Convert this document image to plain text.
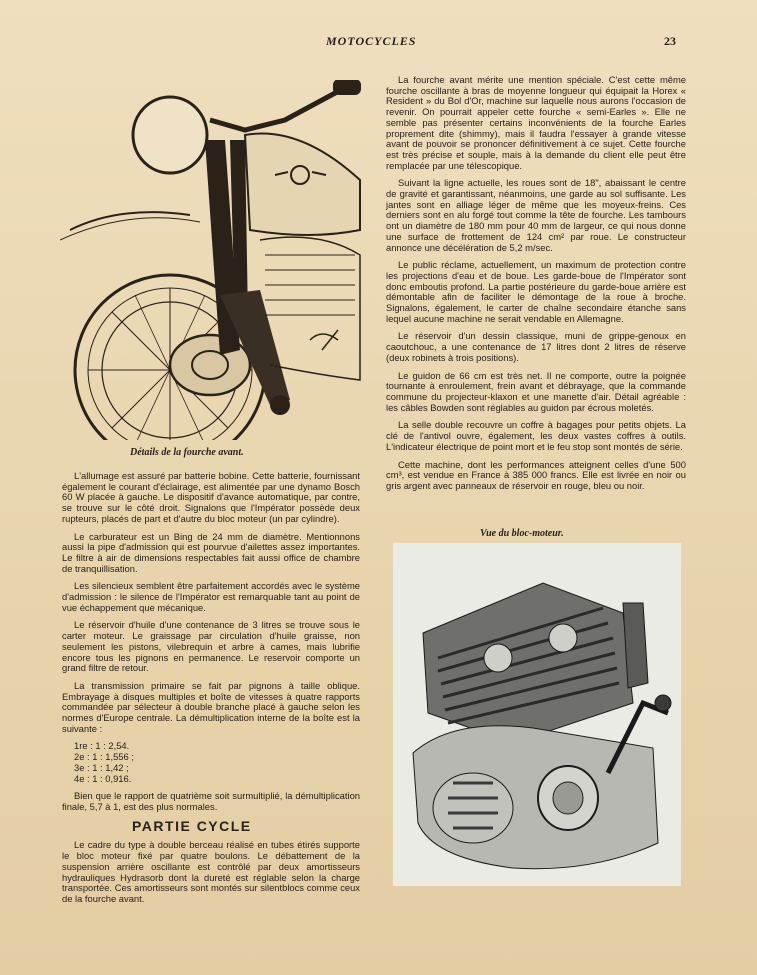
MOTOCYCLES	23
Détails de la fourche avant.

L'allumage est assuré par batterie bobine. Cette batterie, fournissant également le courant d'éclairage, est alimentée par une dynamo Bosch 60 W placée à gauche. Le dispositif d'avance automatique, par contre, se trouve sur le côté droit. Signalons que l'Impérator possède deux rupteurs, placés de part et d'autre du bloc moteur (un par cylindre).

Le carburateur est un Bing de 24 mm de diamètre. Mentionnons aussi la pipe d'admission qui est pourvue d'ailettes assez importantes. Le filtre à air de dimensions respectables fait aussi office de chambre de tranquillisation.

Les silencieux semblent être parfaitement accordés avec le système d'admission : le silence de l'Impérator est remarquable tant au point de vue échappement que mécanique.

Le réservoir d'huile d'une contenance de 3 litres se trouve sous le carter moteur. Le graissage par circulation d'huile graisse, non seulement les pistons, vilebrequin et arbre à cames, mais lubrifie encore tous les pignons en permanence. Le reservoir comporte un grand filtre de retour.

La transmission primaire se fait par pignons à taille oblique. Embrayage à disques multiples et boîte de vitesses à quatre rapports commandée par sélecteur à double branche placé à gauche selon les normes d'Europe centrale. La démultiplication interne de la boîte est la suivante :

1re : 1 : 2,54.
2e : 1 : 1,556 ;
3e : 1 : 1,42 ;
4e : 1 : 0,916.

Bien que le rapport de quatrième soit surmultiplié, la démultiplication finale, 5,7 à 1, est des plus normales.

PARTIE CYCLE

Le cadre du type à double berceau réalisé en tubes étirés supporte le bloc moteur fixé par quatre boulons. Le débattement de la suspension arrière oscillante est contrôlé par deux amortisseurs hydrauliques Hydrasorb dont la dureté est réglable selon la charge transportée. Ces amortisseurs sont montés sur silentblocs comme ceux de la fourche avant.

La fourche avant mérite une mention spéciale. C'est cette même fourche oscillante à bras de moyenne longueur qui équipait la Horex « Resident » du Bol d'Or, machine sur laquelle nous aurons l'occasion de revenir. On pourrait appeler cette fourche « semi-Earles ». Elle ne semble pas présenter certains inconvénients de la fourche Earles proprement dite (shimmy), mais il faudra l'essayer à grande vitesse avant de pouvoir se prononcer définitivement à ce sujet. Cette fourche est très précise et souple, mais à la demande du client elle peut être remplacée par une télescopique.

Suivant la ligne actuelle, les roues sont de 18", abaissant le centre de gravité et garantissant, néanmoins, une garde au sol suffisante. Les jantes sont en alliage léger de même que les moyeux-freins. Ces derniers sont en alu forgé tout comme la tête de fourche. Les tambours ont un diamètre de 180 mm pour 40 mm de largeur, ce qui nous donne une surface de frottement de 124 cm² par roue. Le constructeur annonce une décélération de 5,2 m/sec.

Le public réclame, actuellement, un maximum de protection contre les projections d'eau et de boue. Les garde-boue de l'Impérator sont donc emboutis profond. La partie postérieure du garde-boue arrière est démontable afin de faciliter le démontage de la roue à broche. Signalons, également, le carter de chaîne secondaire étanche sans lequel aucune machine ne serait vendable en Allemagne.

Le réservoir d'un dessin classique, muni de grippe-genoux en caoutchouc, a une contenance de 17 litres dont 2 litres de réserve (deux robinets à trois positions).

Le guidon de 66 cm est très net. Il ne comporte, outre la poignée tournante à enroulement, frein avant et débrayage, que la commande commune du projecteur-klaxon et une manette d'air. Détail agréable : les câbles Bowden sont réglables au guidon par écrous moletés.

La selle double recouvre un coffre à bagages pour petits objets. La clé de l'antivol ouvre, également, les deux vastes coffres à outils. L'indicateur électrique de point mort et le feu stop sont montés de série.

Cette machine, dont les performances atteignent celles d'une 500 cm³, est vendue en France à 385 000 francs. Elle est livrée en noir ou gris argent avec panneaux de réservoir en rouge, bleu ou noir.

Vue du bloc-moteur.
